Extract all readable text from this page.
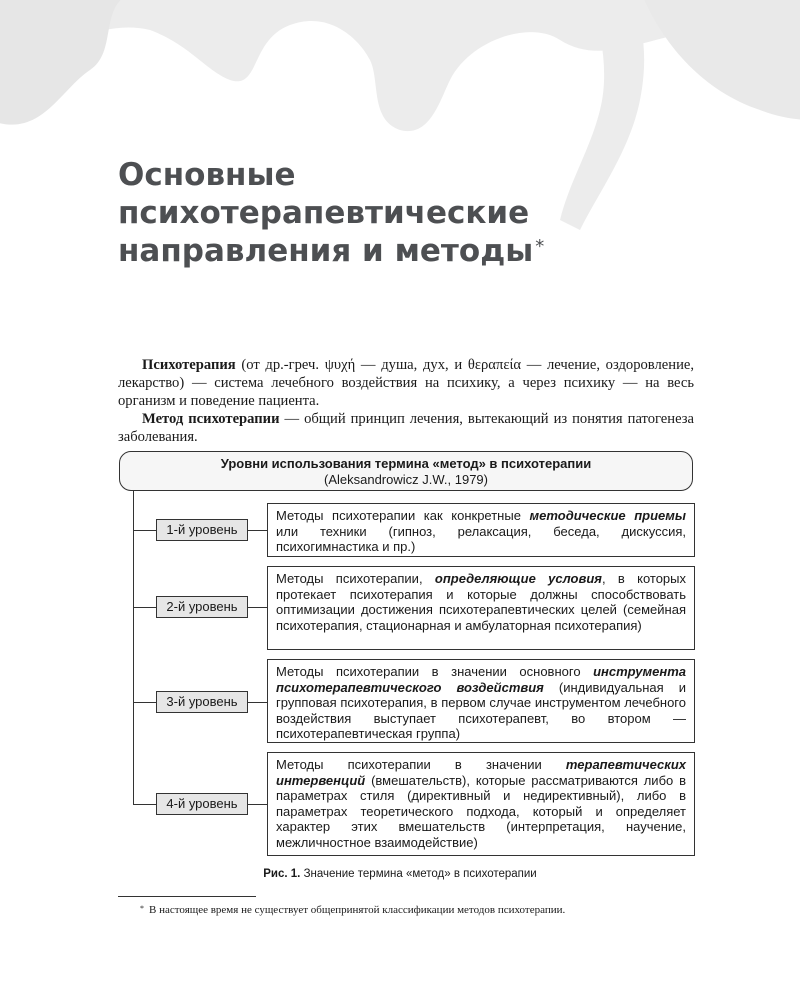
Основные
психотерапевтические
направления и методы *

Психотерапия (от др.-греч. ψυχή — душа, дух, и θεραπεία — лечение, оздоровление, лекарство) — система лечебного воздействия на психику, а через психику — на весь организм и поведение пациента.

Метод психотерапии — общий принцип лечения, вытекающий из понятия патогенеза заболевания.

Уровни использования термина «метод» в психотерапии
(Aleksandrowicz J.W., 1979)
1-й уровень
Методы психотерапии как конкретные методические приемы или техники (гипноз, релаксация, беседа, дискуссия, психогимнастика и пр.)
2-й уровень
Методы психотерапии, определяющие условия, в которых протекает психотерапия и которые должны способствовать оптимизации достижения психотерапевтических целей (семейная психотерапия, стационарная и амбулаторная психотерапия)
3-й уровень
Методы психотерапии в значении основного инструмента психотерапевтического воздействия (индивидуальная и групповая психотерапия, в первом случае инструментом лечебного воздействия выступает психотерапевт, во втором — психотерапевтическая группа)
4-й уровень
Методы психотерапии в значении терапевтических интервенций (вмешательств), которые рассматриваются либо в параметрах стиля (директивный и недирективный), либо в параметрах теоретического подхода, который и определяет характер этих вмешательств (интерпретация, научение, межличностное взаимодействие)
Рис. 1. Значение термина «метод» в психотерапии
* В настоящее время не существует общепринятой классификации методов психотерапии.
